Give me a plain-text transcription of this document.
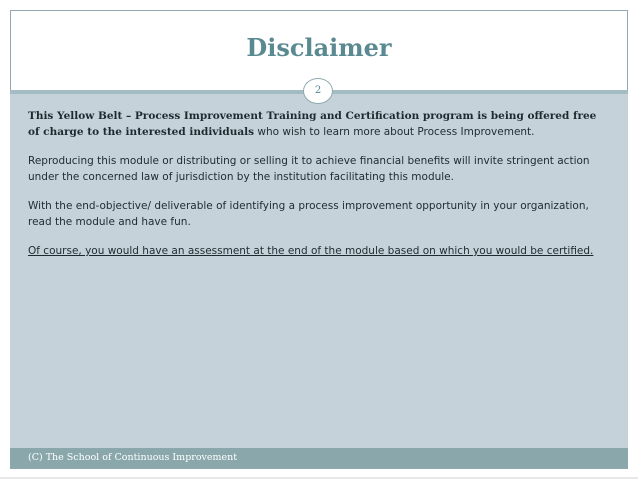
Disclaimer
2

This Yellow Belt – Process Improvement Training and Certification program is being offered free of charge to the interested individuals who wish to learn more about Process Improvement.

Reproducing this module or distributing or selling it to achieve financial benefits will invite stringent action under the concerned law of jurisdiction by the institution facilitating this module.

With the end-objective/ deliverable of identifying a process improvement opportunity in your organization, read the module and have fun.

Of course, you would have an assessment at the end of the module based on which you would be certified.

(C) The School of Continuous Improvement
